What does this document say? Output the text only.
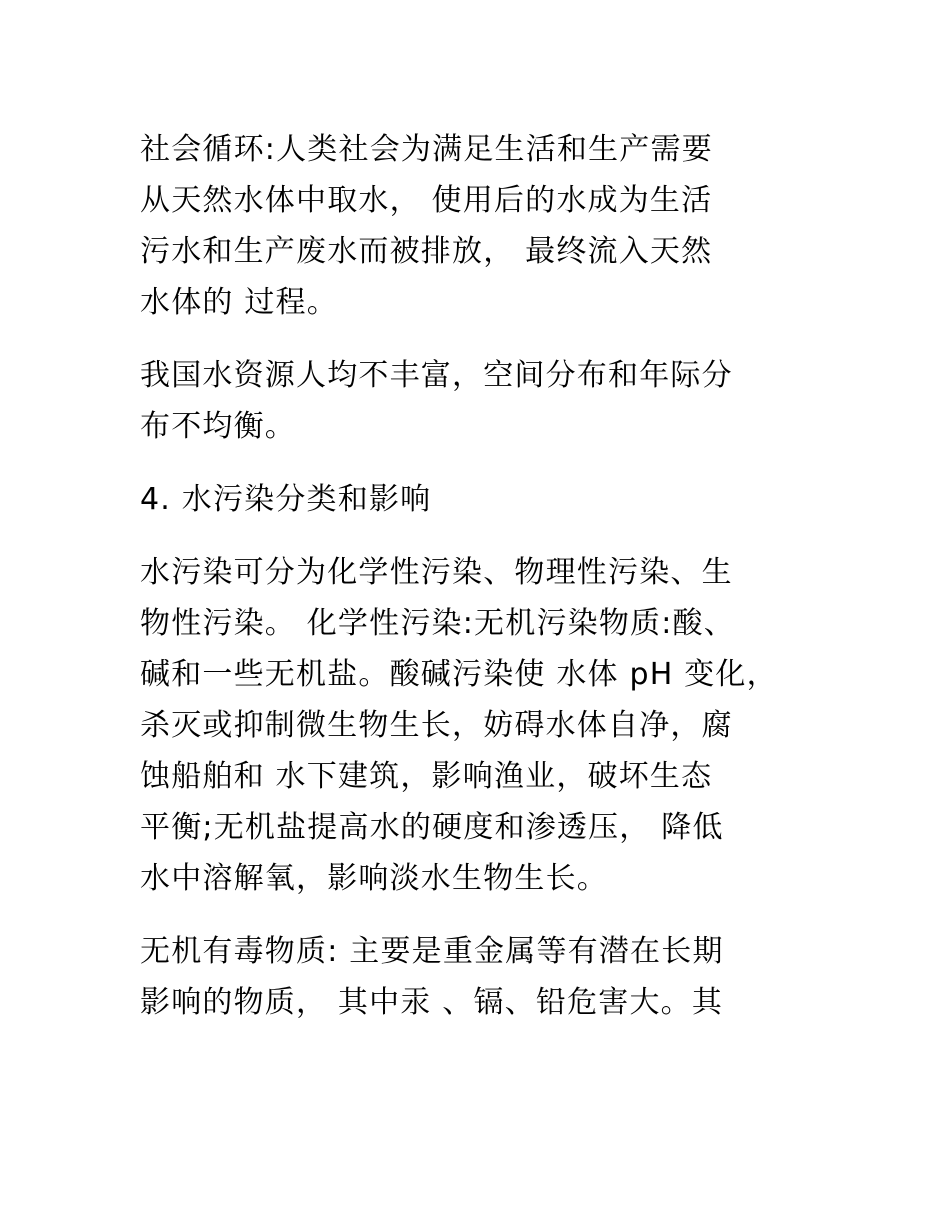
社会循环:人类社会为满足生活和生产需要
从天然水体中取水， 使用后的水成为生活
污水和生产废水而被排放， 最终流入天然
水体的 过程。
我国水资源人均不丰富，空间分布和年际分
布不均衡。
4. 水污染分类和影响
水污染可分为化学性污染、物理性污染、生
物性污染。 化学性污染:无机污染物质:酸、
碱和一些无机盐。酸碱污染使 水体 pH 变化，
杀灭或抑制微生物生长，妨碍水体自净，腐
蚀船舶和 水下建筑，影响渔业，破坏生态
平衡;无机盐提高水的硬度和渗透压， 降低
水中溶解氧，影响淡水生物生长。
无机有毒物质: 主要是重金属等有潜在长期
影响的物质， 其中汞 、镉、铅危害大。其
